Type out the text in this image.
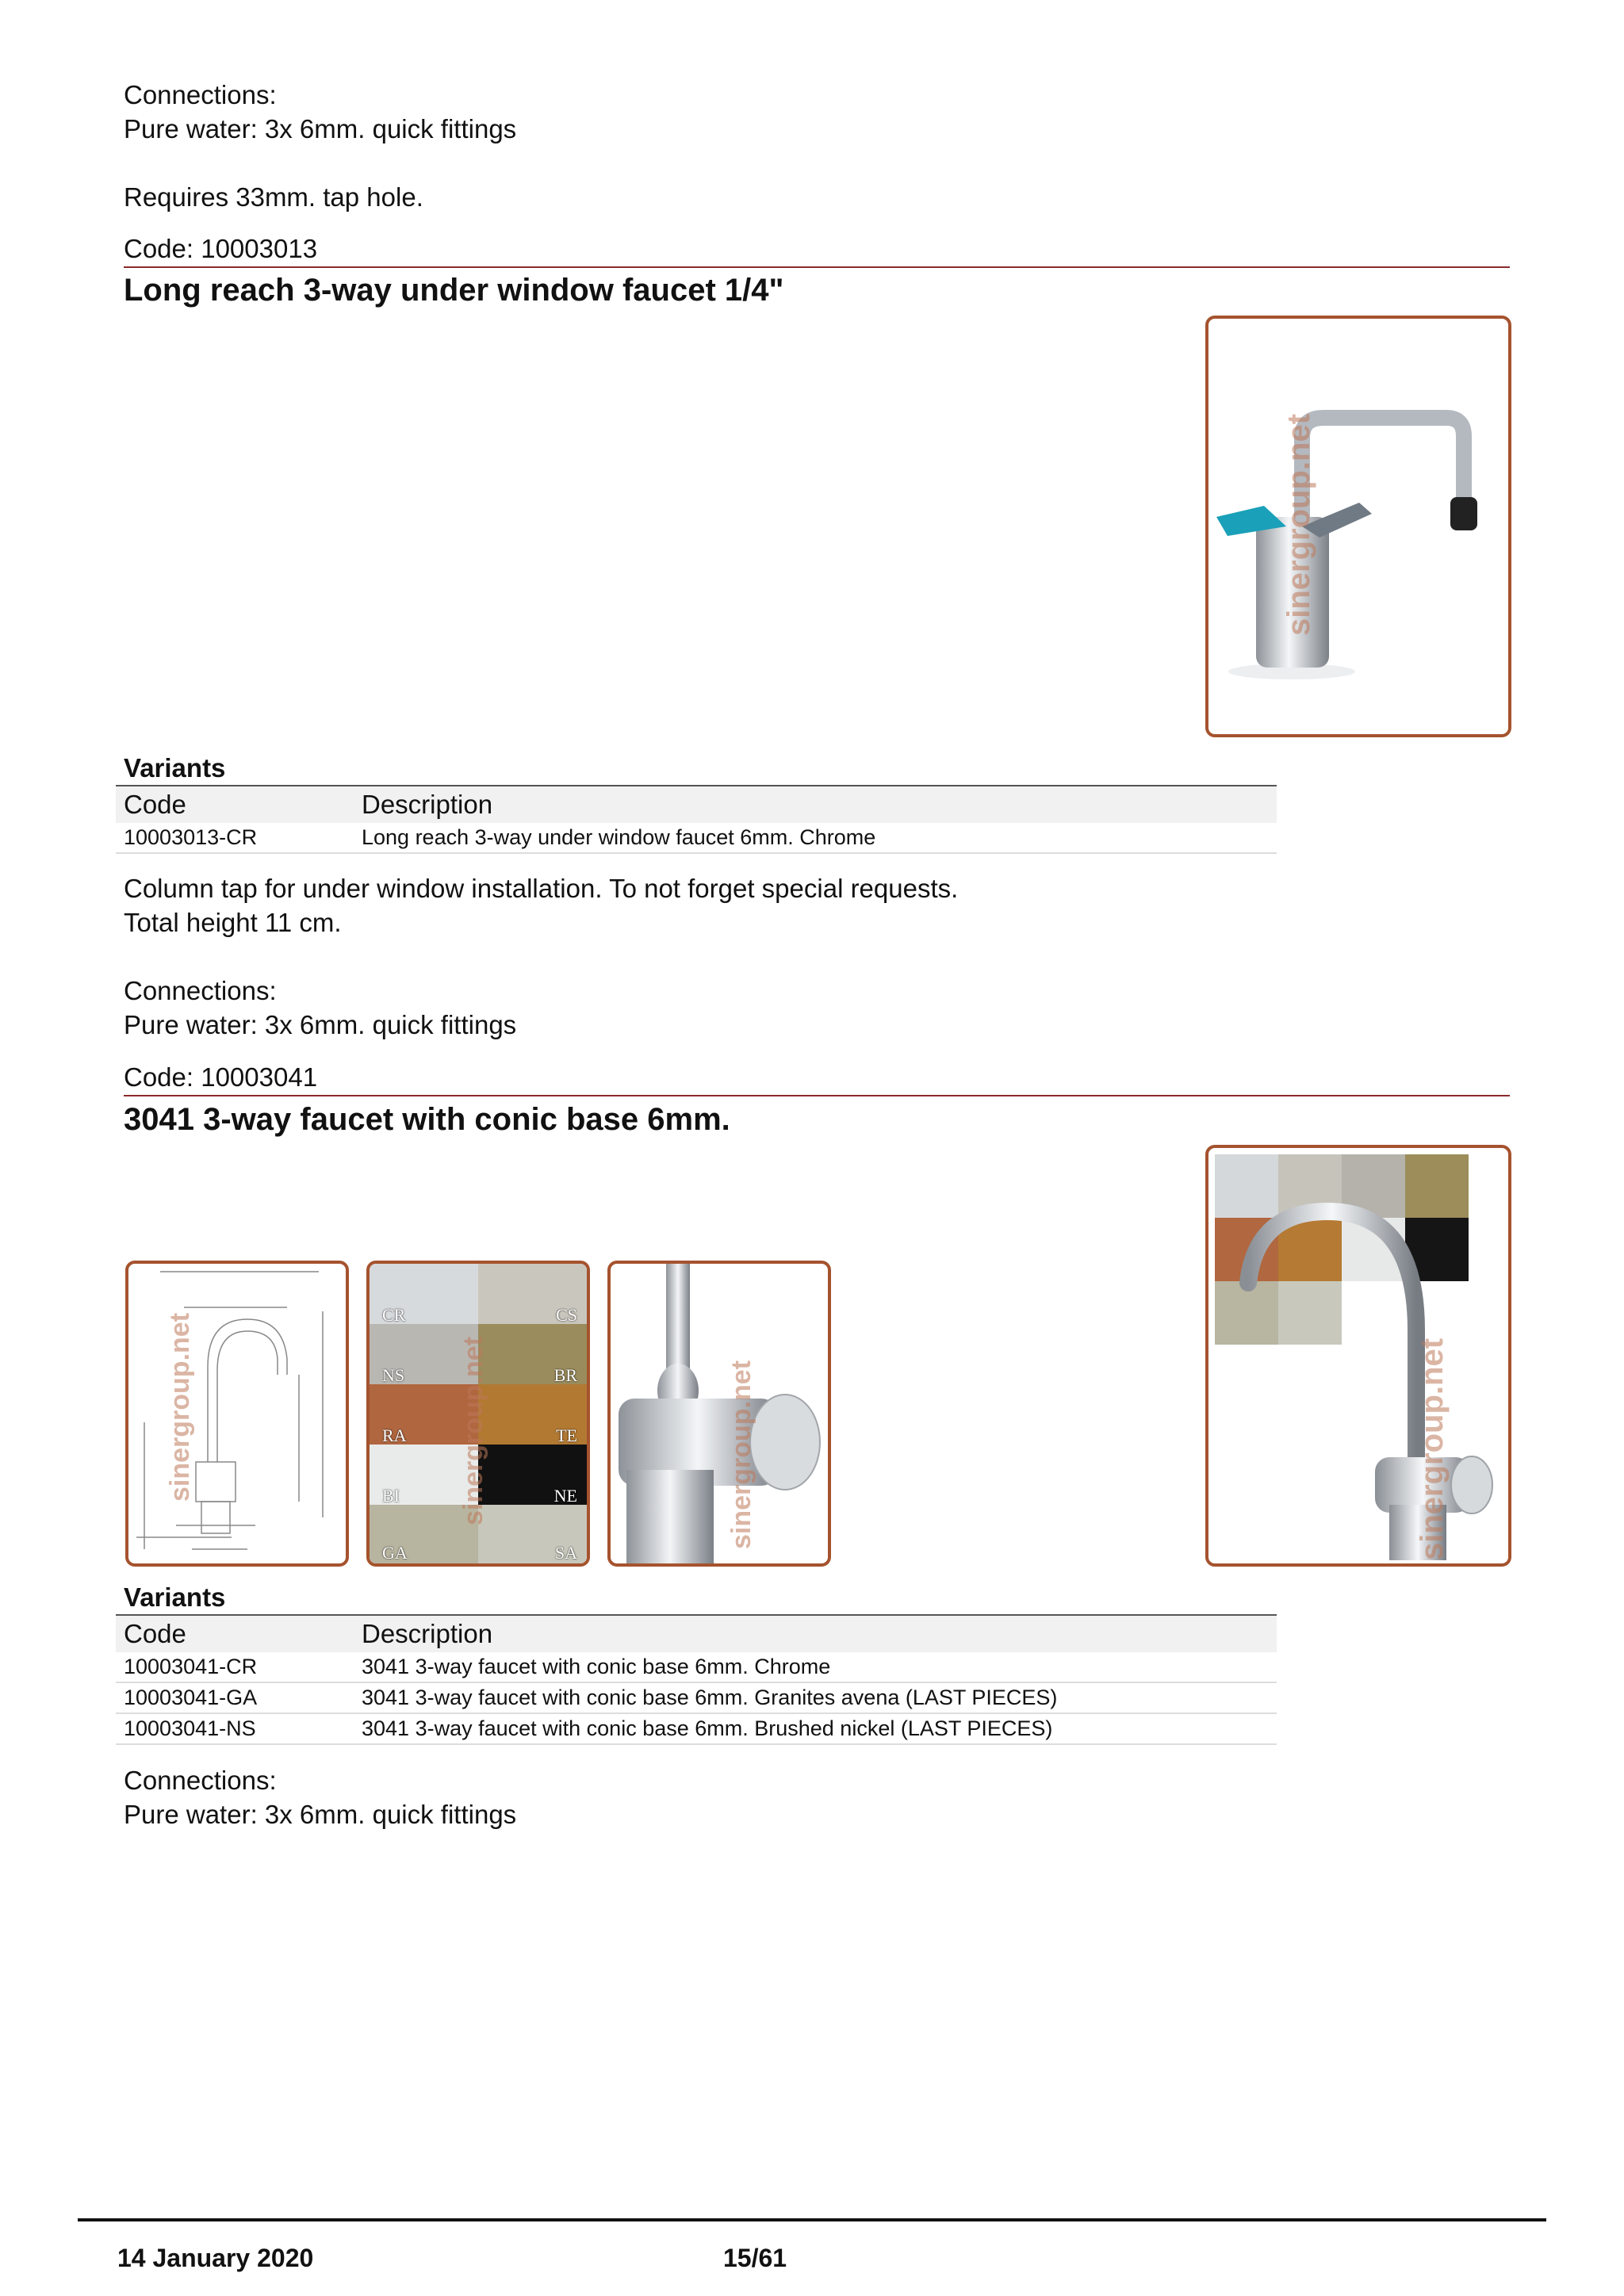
Connections:
Pure water: 3x 6mm. quick fittings
Requires 33mm. tap hole.
Code: 10003013
Long reach 3-way under window faucet 1/4"
sinergroup.net
Variants
Code	Description
10003013-CR	Long reach 3-way under window faucet 6mm. Chrome
Column tap for under window installation. To not forget special requests.
Total height 11 cm.
Connections:
Pure water: 3x 6mm. quick fittings
Code: 10003041
3041 3-way faucet with conic base 6mm.
sinergroup.net	CR	CS
NS	BR
RA	TE
BI	NE
GA	SA
sinergroup.net	sinergroup.net	sinergroup.net
Variants
Code	Description
10003041-CR	3041 3-way faucet with conic base 6mm. Chrome
10003041-GA	3041 3-way faucet with conic base 6mm. Granites avena (LAST PIECES)
10003041-NS	3041 3-way faucet with conic base 6mm. Brushed nickel (LAST PIECES)
Connections:
Pure water: 3x 6mm. quick fittings
14 January 2020	15/61
